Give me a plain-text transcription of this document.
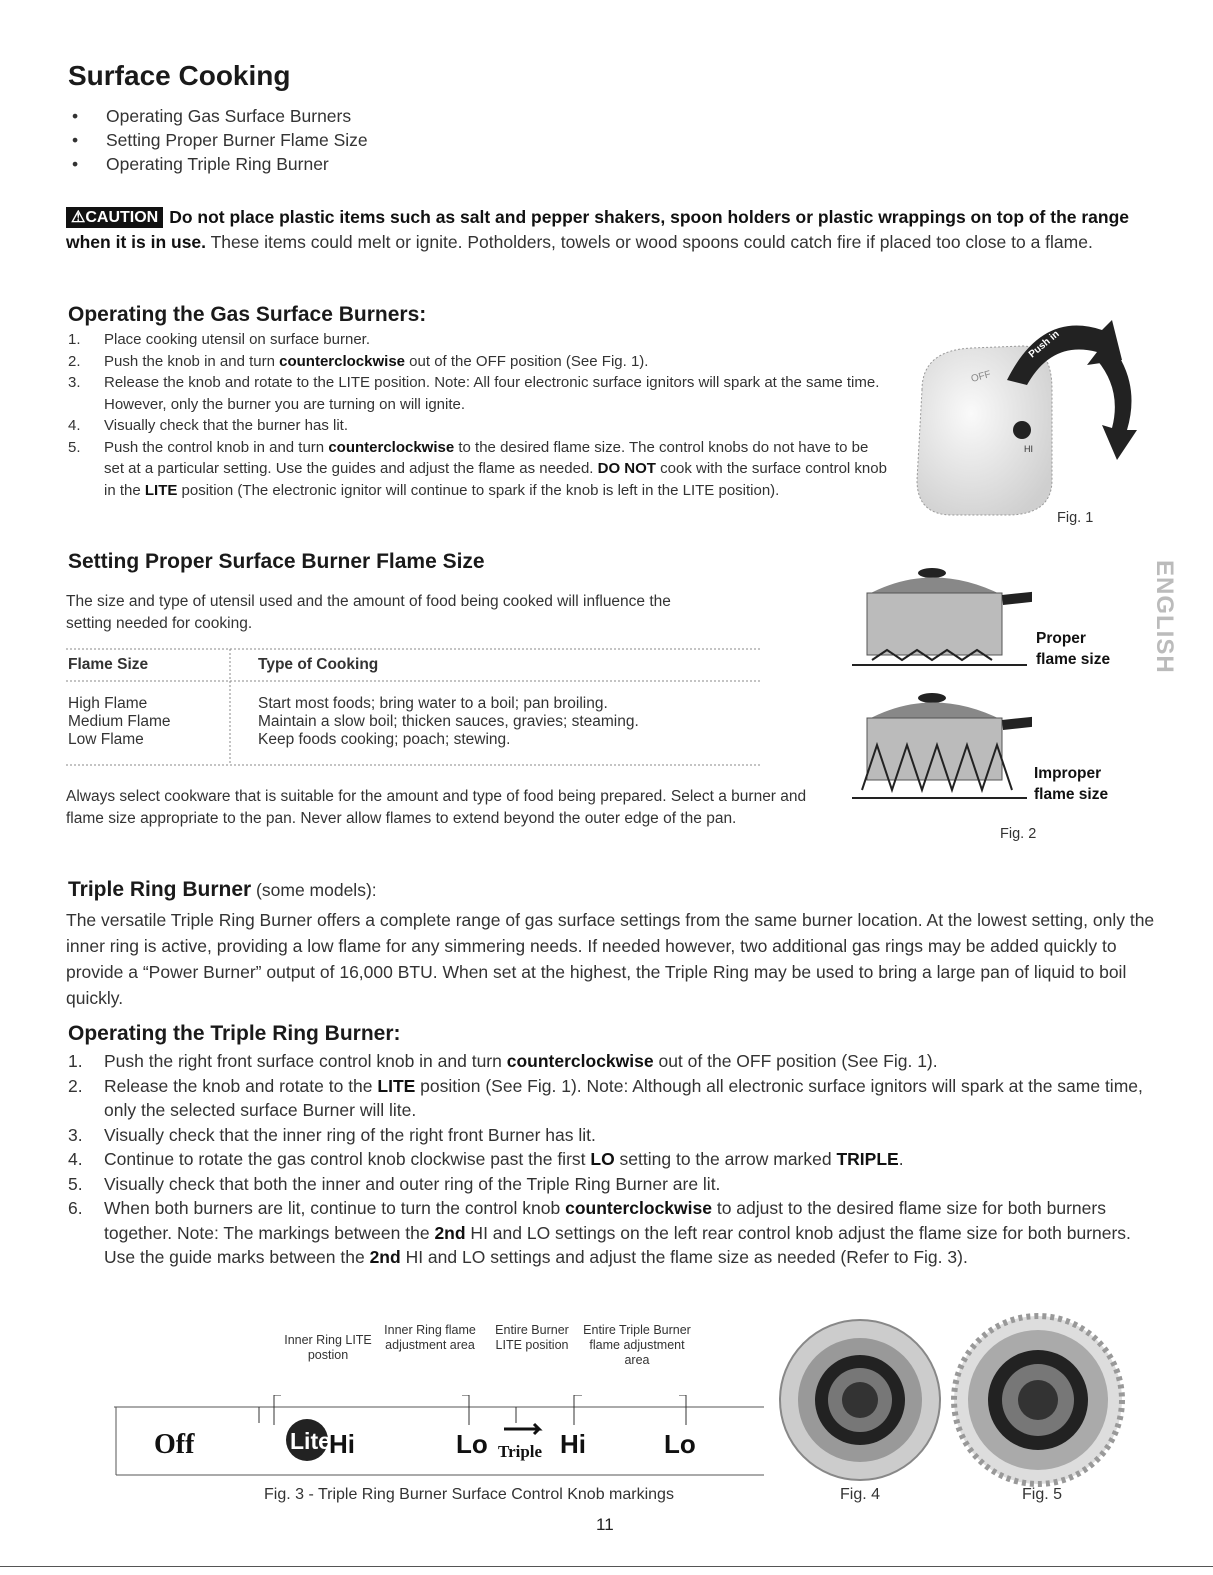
Surface Cooking
• Operating Gas Surface Burners
• Setting Proper Burner Flame Size
• Operating Triple Ring Burner
⚠CAUTION Do not place plastic items such as salt and pepper shakers, spoon holders or plastic wrappings on top of the range when it is in use. These items could melt or ignite. Potholders, towels or wood spoons could catch fire if placed too close to a flame.
Operating the Gas Surface Burners:
1. Place cooking utensil on surface burner.
2. Push the knob in and turn counterclockwise out of the OFF position (See Fig. 1).
3. Release the knob and rotate to the LITE position. Note: All four electronic surface ignitors will spark at the same time. However, only the burner you are turning on will ignite.
4. Visually check that the burner has lit.
5. Push the control knob in and turn counterclockwise to the desired flame size. The control knobs do not have to be set at a particular setting. Use the guides and adjust the flame as needed. DO NOT cook with the surface control knob in the LITE position (The electronic ignitor will continue to spark if the knob is left in the LITE position).
Push in
OFF
HI
Fig. 1
Setting Proper Surface Burner Flame Size

The size and type of utensil used and the amount of food being cooked will influence the setting needed for cooking.

Flame Size	Type of Cooking
High Flame	Start most foods; bring water to a boil; pan broiling.
Medium Flame	Maintain a slow boil; thicken sauces, gravies; steaming.
Low Flame	Keep foods cooking; poach; stewing.

Always select cookware that is suitable for the amount and type of food being prepared. Select a burner and flame size appropriate to the pan. Never allow flames to extend beyond the outer edge of the pan.

Proper
flame size
Improper
flame size
Fig. 2
ENGLISH
Triple Ring Burner (some models):

The versatile Triple Ring Burner offers a complete range of gas surface settings from the same burner location. At the lowest setting, only the inner ring is active, providing a low flame for any simmering needs. If needed however, two additional gas rings may be added quickly to provide a “Power Burner” output of 16,000 BTU. When set at the highest, the Triple Ring may be used to bring a large pan of liquid to boil quickly.

Operating the Triple Ring Burner:
1. Push the right front surface control knob in and turn counterclockwise out of the OFF position (See Fig. 1).
2. Release the knob and rotate to the LITE position (See Fig. 1). Note: Although all electronic surface ignitors will spark at the same time, only the selected surface Burner will lite.
3. Visually check that the inner ring of the right front Burner has lit.
4. Continue to rotate the gas control knob clockwise past the first LO setting to the arrow marked TRIPLE.
5. Visually check that both the inner and outer ring of the Triple Ring Burner are lit.
6. When both burners are lit, continue to turn the control knob counterclockwise to adjust to the desired flame size for both burners together. Note: The markings between the 2nd HI and LO settings on the left rear control knob adjust the flame size for both burners. Use the guide marks between the 2nd HI and LO settings and adjust the flame size as needed (Refer to Fig. 3).
Inner Ring LITE postion
Inner Ring flame adjustment area
Entire Burner LITE position
Entire Triple Burner flame adjustment area
Off	Lite
Hi	Lo Triple Hi	Lo
Fig. 3 - Triple Ring Burner Surface Control Knob markings	Fig. 4	Fig. 5
11
